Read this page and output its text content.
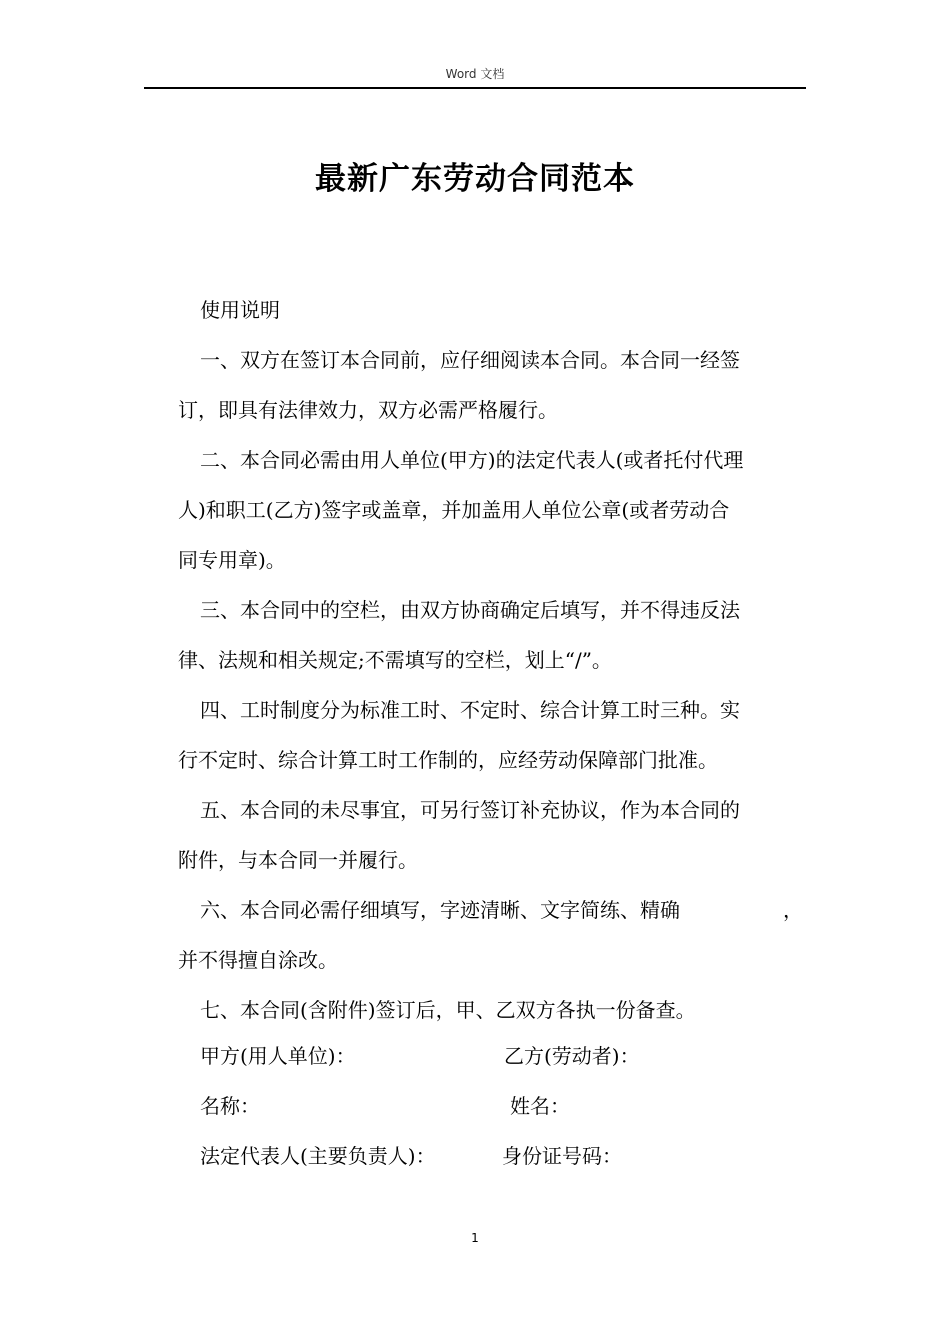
Word 文档
最新广东劳动合同范本

使用说明

一、双方在签订本合同前，应仔细阅读本合同。本合同一经签
订，即具有法律效力，双方必需严格履行。

二、本合同必需由用人单位(甲方)的法定代表人(或者托付代理
人)和职工(乙方)签字或盖章，并加盖用人单位公章(或者劳动合
同专用章)。

三、本合同中的空栏，由双方协商确定后填写，并不得违反法
律、法规和相关规定;不需填写的空栏，划上“/”。

四、工时制度分为标准工时、不定时、综合计算工时三种。实
行不定时、综合计算工时工作制的，应经劳动保障部门批准。

五、本合同的未尽事宜，可另行签订补充协议，作为本合同的
附件，与本合同一并履行。

六、本合同必需仔细填写，字迹清晰、文字简练、精确	，
并不得擅自涂改。

七、本合同(含附件)签订后，甲、乙双方各执一份备查。

甲方(用人单位)：	乙方(劳动者)：
名称：	姓名：
法定代表人(主要负责人)：	身份证号码：
1
